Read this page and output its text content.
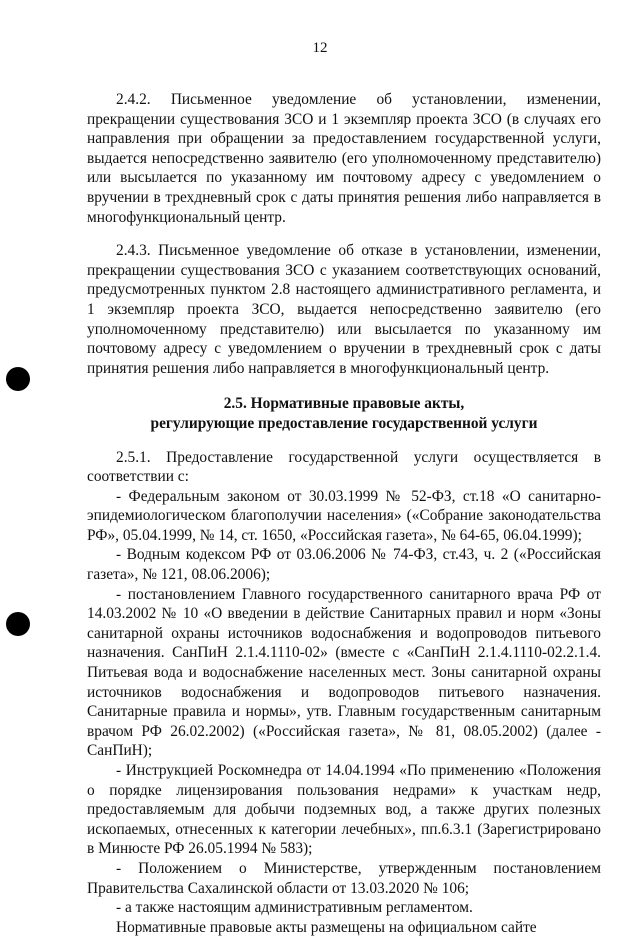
12

2.4.2. Письменное уведомление об установлении, изменении, прекращении существования ЗСО и 1 экземпляр проекта ЗСО (в случаях его направления при обращении за предоставлением государственной услуги, выдается непосредственно заявителю (его уполномоченному представителю) или высылается по указанному им почтовому адресу с уведомлением о вручении в трехдневный срок с даты принятия решения либо направляется в многофункциональный центр.

2.4.3. Письменное уведомление об отказе в установлении, изменении, прекращении существования ЗСО с указанием соответствующих оснований, предусмотренных пунктом 2.8 настоящего административного регламента, и 1 экземпляр проекта ЗСО, выдается непосредственно заявителю (его уполномоченному представителю) или высылается по указанному им почтовому адресу с уведомлением о вручении в трехдневный срок с даты принятия решения либо направляется в многофункциональный центр.

2.5. Нормативные правовые акты,
регулирующие предоставление государственной услуги

2.5.1. Предоставление государственной услуги осуществляется в соответствии с:

- Федеральным законом от 30.03.1999 № 52-ФЗ, ст.18 «О санитарно-эпидемиологическом благополучии населения» («Собрание законодательства РФ», 05.04.1999, № 14, ст. 1650, «Российская газета», № 64-65, 06.04.1999);

- Водным кодексом РФ от 03.06.2006 № 74-ФЗ, ст.43, ч. 2 («Российская газета», № 121, 08.06.2006);

- постановлением Главного государственного санитарного врача РФ от 14.03.2002 № 10 «О введении в действие Санитарных правил и норм «Зоны санитарной охраны источников водоснабжения и водопроводов питьевого назначения. СанПиН 2.1.4.1110-02» (вместе с «СанПиН 2.1.4.1110-02.2.1.4. Питьевая вода и водоснабжение населенных мест. Зоны санитарной охраны источников водоснабжения и водопроводов питьевого назначения. Санитарные правила и нормы», утв. Главным государственным санитарным врачом РФ 26.02.2002) («Российская газета», № 81, 08.05.2002) (далее - СанПиН);

- Инструкцией Роскомнедра от 14.04.1994 «По применению «Положения о порядке лицензирования пользования недрами» к участкам недр, предоставляемым для добычи подземных вод, а также других полезных ископаемых, отнесенных к категории лечебных», пп.6.3.1 (Зарегистрировано в Минюсте РФ 26.05.1994 № 583);

- Положением о Министерстве, утвержденным постановлением Правительства Сахалинской области от 13.03.2020 № 106;

- а также настоящим административным регламентом.

Нормативные правовые акты размещены на официальном сайте
